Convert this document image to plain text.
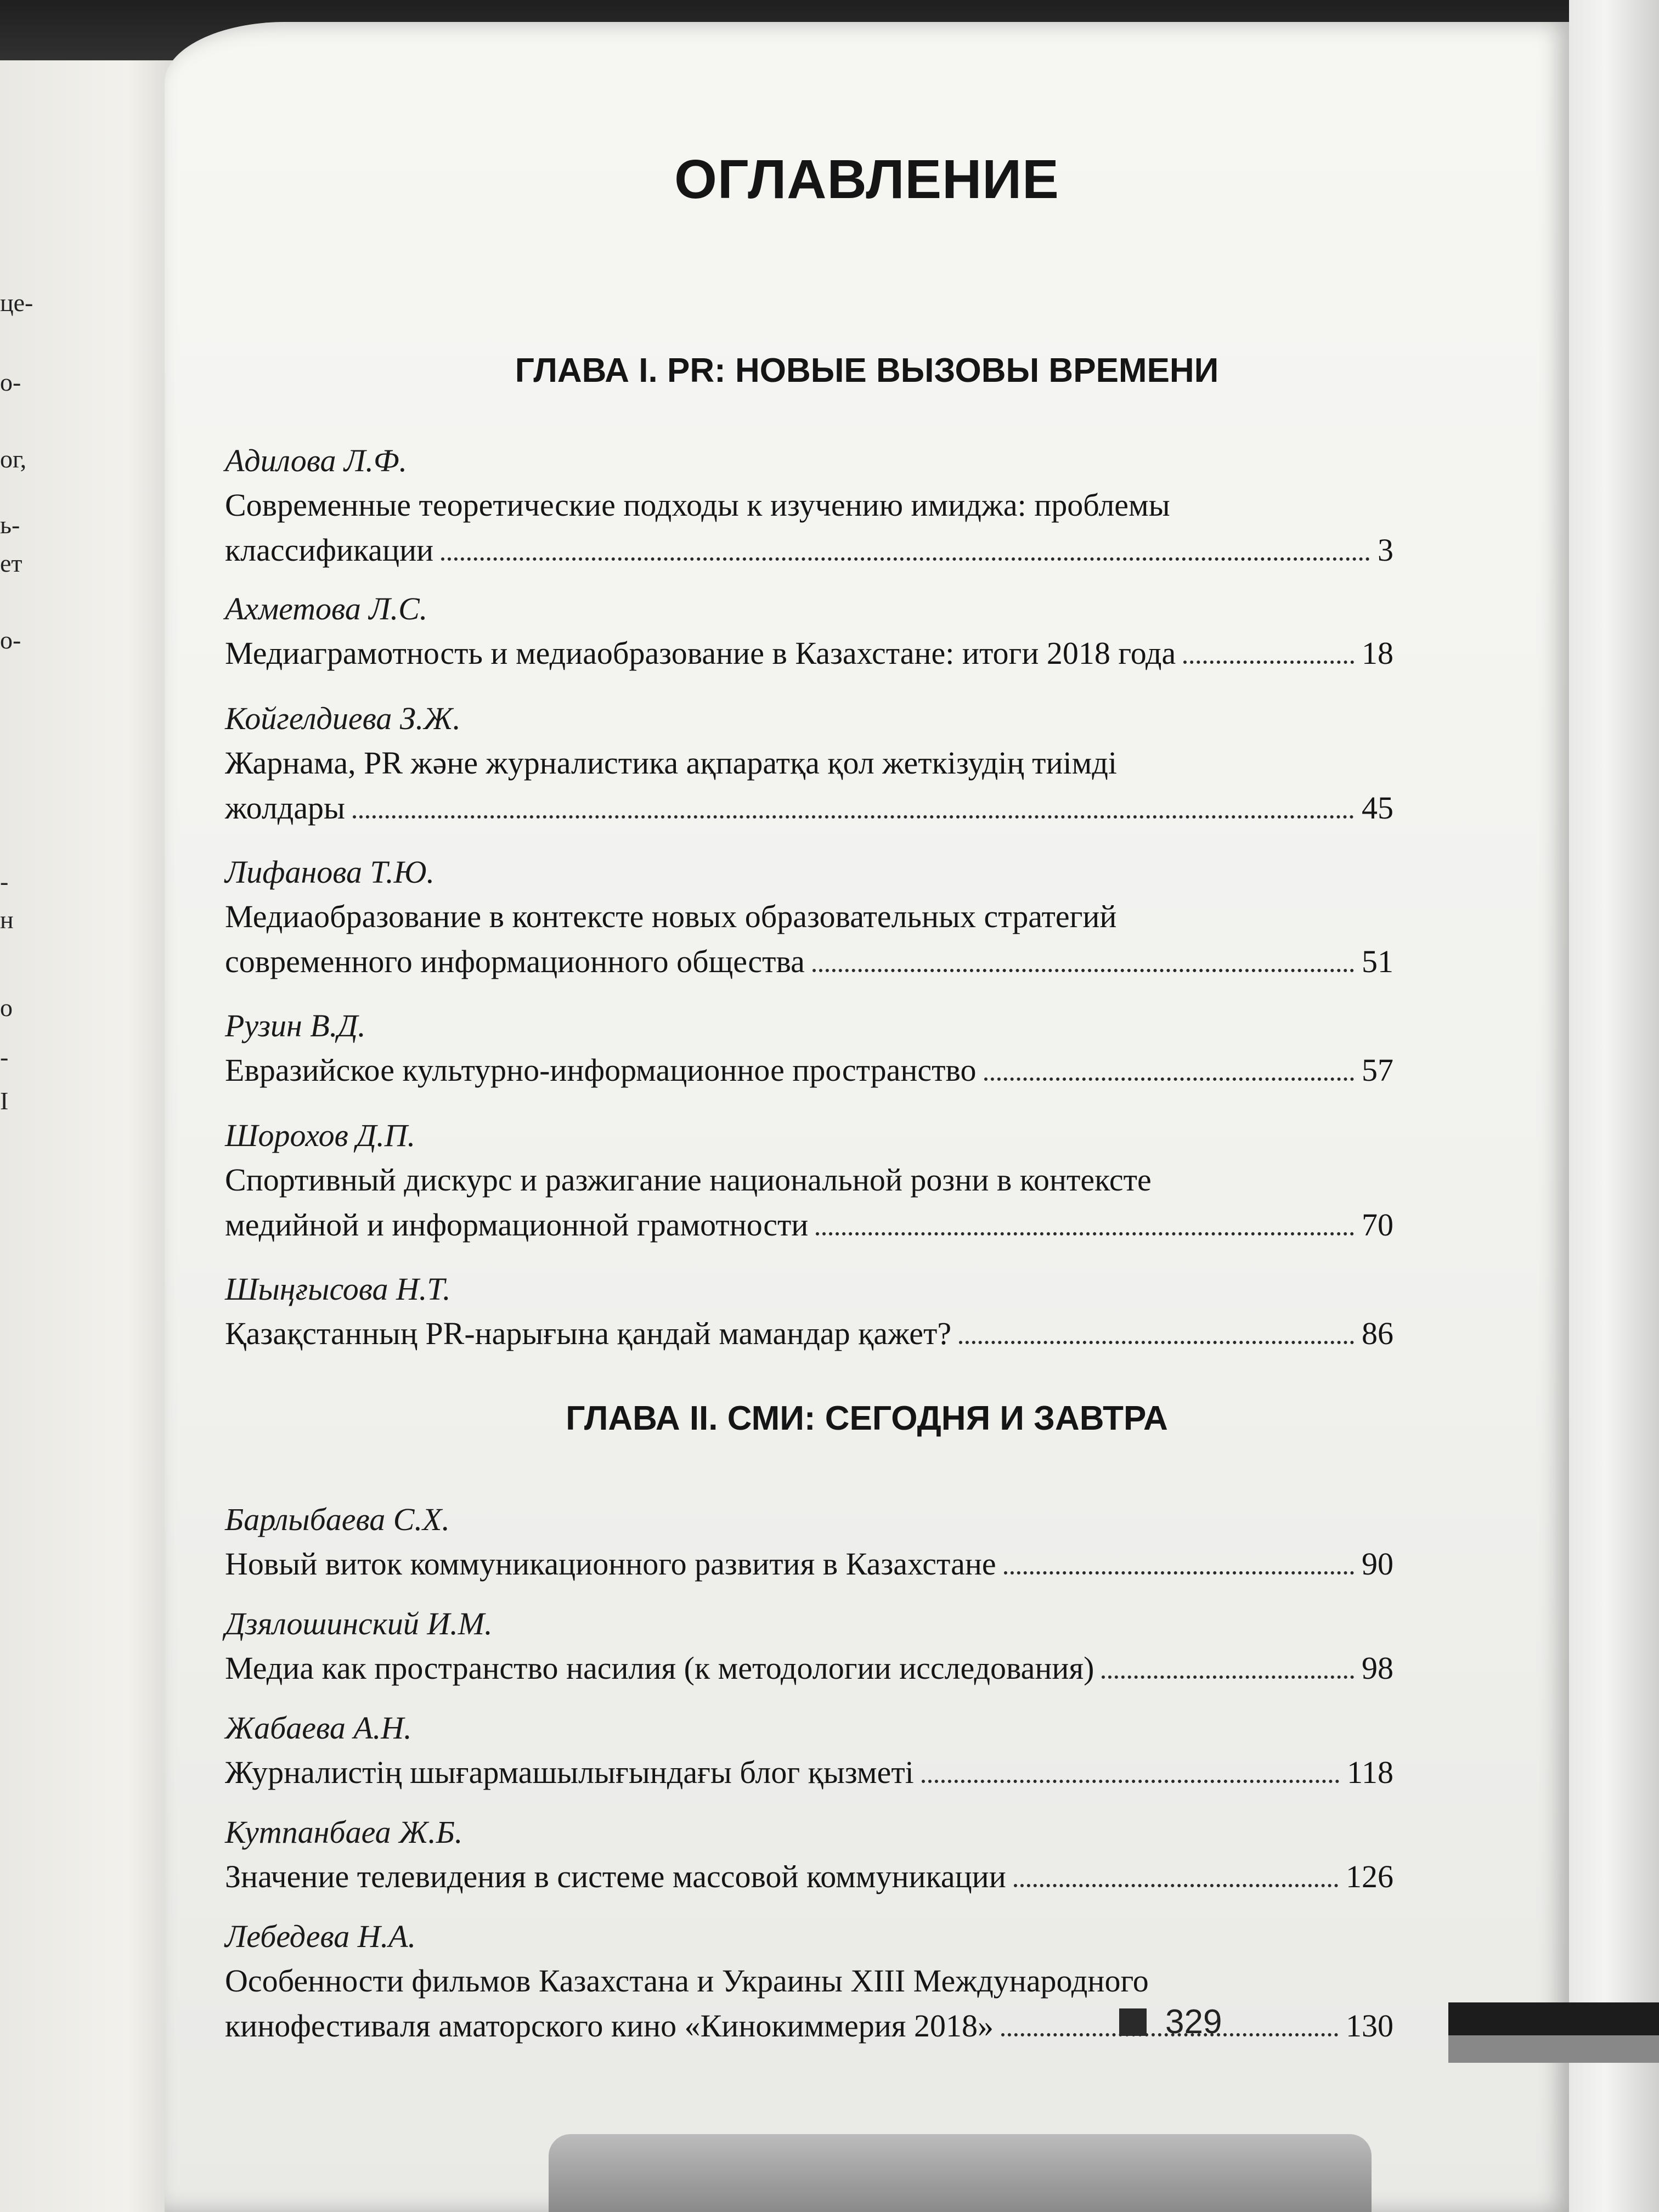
це-
о-
ог,
ь-
ет
о-
-
н
о
-
I
ОГЛАВЛЕНИЕ
ГЛАВА I. PR: НОВЫЕ ВЫЗОВЫ ВРЕМЕНИ
Адилова Л.Ф.
Современные теоретические подходы к изучению имиджа: проблемы
классификации	3
Ахметова Л.С.
Медиаграмотность и медиаобразование в Казахстане: итоги 2018 года	18
Койгелдиева З.Ж.
Жарнама, PR және журналистика ақпаратқа қол жеткізудің тиімді
жолдары	45
Лифанова Т.Ю.
Медиаобразование в контексте новых образовательных стратегий
современного информационного общества	51
Рузин В.Д.
Евразийское культурно-информационное пространство	57
Шорохов Д.П.
Спортивный дискурс и разжигание национальной розни в контексте
медийной и информационной грамотности	70
Шыңғысова Н.Т.
Қазақстанның PR-нарығына қандай мамандар қажет?	86
ГЛАВА II. СМИ: СЕГОДНЯ И ЗАВТРА
Барлыбаева С.Х.
Новый виток коммуникационного развития в Казахстане	90
Дзялошинский И.М.
Медиа как пространство насилия (к методологии исследования)	98
Жабаева А.Н.
Журналистің шығармашылығындағы блог қызметі	118
Кутпанбаеа Ж.Б.
Значение телевидения в системе массовой коммуникации	126
Лебедева Н.А.
Особенности фильмов Казахстана и Украины XIII Международного
кинофестиваля аматорского кино «Кинокиммерия 2018»	130
329
